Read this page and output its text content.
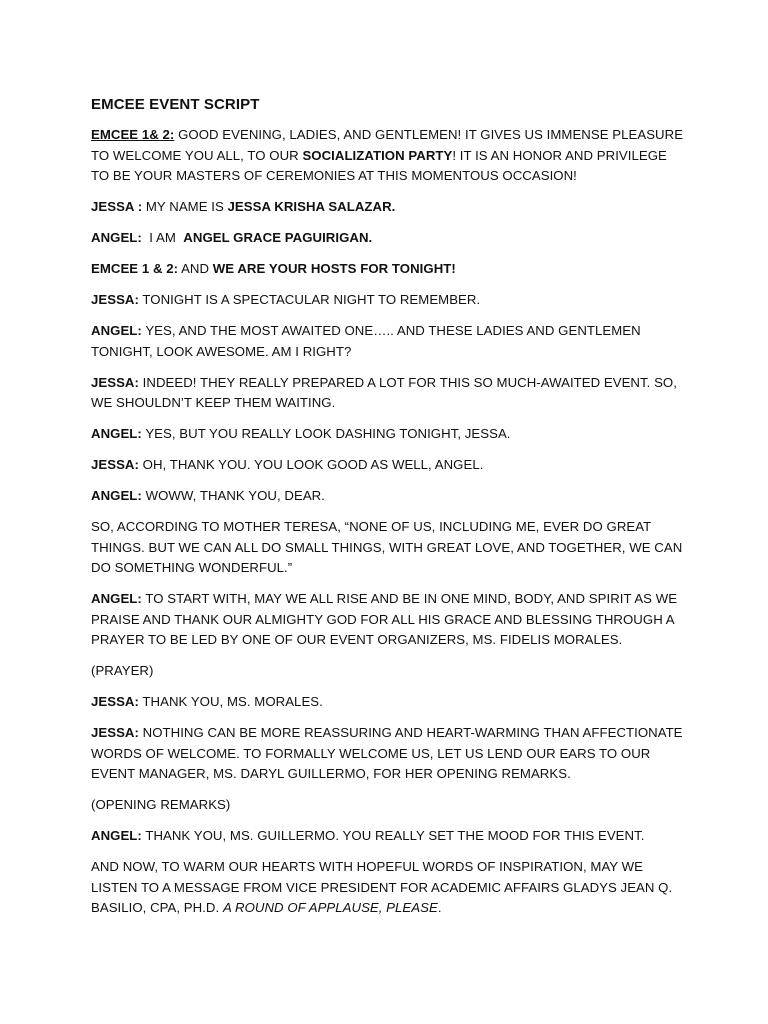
EMCEE EVENT SCRIPT

EMCEE 1& 2: GOOD EVENING, LADIES, AND GENTLEMEN! IT GIVES US IMMENSE PLEASURE TO WELCOME YOU ALL, TO OUR SOCIALIZATION PARTY! IT IS AN HONOR AND PRIVILEGE TO BE YOUR MASTERS OF CEREMONIES AT THIS MOMENTOUS OCCASION!

JESSA : MY NAME IS JESSA KRISHA SALAZAR.

ANGEL:  I AM  ANGEL GRACE PAGUIRIGAN.

EMCEE 1 & 2: AND WE ARE YOUR HOSTS FOR TONIGHT!

JESSA: TONIGHT IS A SPECTACULAR NIGHT TO REMEMBER.

ANGEL: YES, AND THE MOST AWAITED ONE….. AND THESE LADIES AND GENTLEMEN TONIGHT, LOOK AWESOME. AM I RIGHT?

JESSA: INDEED! THEY REALLY PREPARED A LOT FOR THIS SO MUCH-AWAITED EVENT. SO, WE SHOULDN’T KEEP THEM WAITING.

ANGEL: YES, BUT YOU REALLY LOOK DASHING TONIGHT, JESSA.

JESSA: OH, THANK YOU. YOU LOOK GOOD AS WELL, ANGEL.

ANGEL: WOWW, THANK YOU, DEAR.

SO, ACCORDING TO MOTHER TERESA, “NONE OF US, INCLUDING ME, EVER DO GREAT THINGS. BUT WE CAN ALL DO SMALL THINGS, WITH GREAT LOVE, AND TOGETHER, WE CAN DO SOMETHING WONDERFUL.”

ANGEL: TO START WITH, MAY WE ALL RISE AND BE IN ONE MIND, BODY, AND SPIRIT AS WE PRAISE AND THANK OUR ALMIGHTY GOD FOR ALL HIS GRACE AND BLESSING THROUGH A PRAYER TO BE LED BY ONE OF OUR EVENT ORGANIZERS, MS. FIDELIS MORALES.

(PRAYER)

JESSA: THANK YOU, MS. MORALES.

JESSA: NOTHING CAN BE MORE REASSURING AND HEART-WARMING THAN AFFECTIONATE WORDS OF WELCOME. TO FORMALLY WELCOME US, LET US LEND OUR EARS TO OUR EVENT MANAGER, MS. DARYL GUILLERMO, FOR HER OPENING REMARKS.

(OPENING REMARKS)

ANGEL: THANK YOU, MS. GUILLERMO. YOU REALLY SET THE MOOD FOR THIS EVENT.

AND NOW, TO WARM OUR HEARTS WITH HOPEFUL WORDS OF INSPIRATION, MAY WE LISTEN TO A MESSAGE FROM VICE PRESIDENT FOR ACADEMIC AFFAIRS GLADYS JEAN Q. BASILIO, CPA, PH.D. A ROUND OF APPLAUSE, PLEASE.
